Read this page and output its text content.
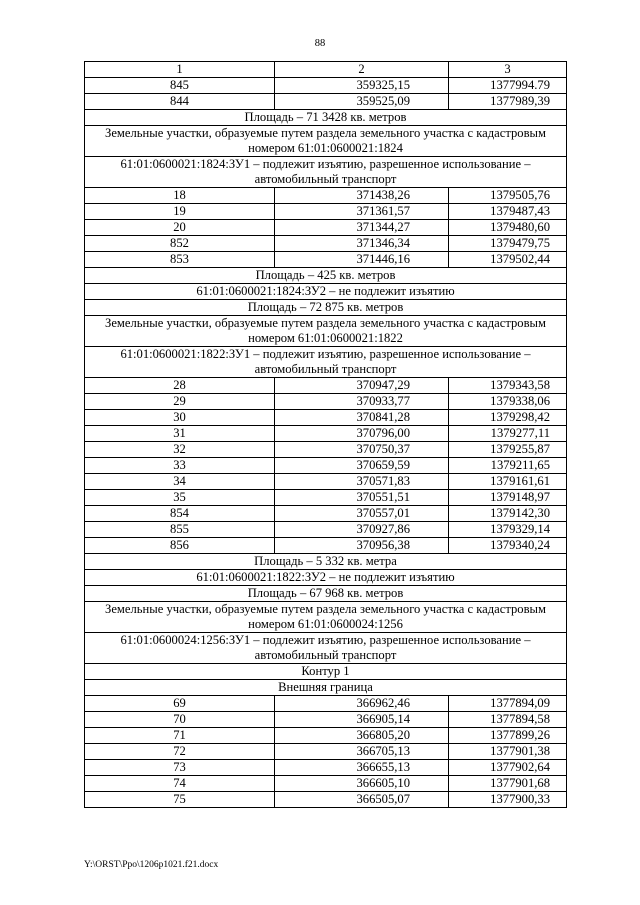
88
1	2	3
845	359325,15	1377994.79
844	359525,09	1377989,39
Площадь – 71 3428 кв. метров		
Земельные участки, образуемые путем раздела земельного участка с кадастровым номером 61:01:0600021:1824		
61:01:0600021:1824:ЗУ1 – подлежит изъятию, разрешенное использование – автомобильный транспорт		
18	371438,26	1379505,76
19	371361,57	1379487,43
20	371344,27	1379480,60
852	371346,34	1379479,75
853	371446,16	1379502,44
Площадь – 425 кв. метров		
61:01:0600021:1824:ЗУ2 – не подлежит изъятию		
Площадь – 72 875 кв. метров		
Земельные участки, образуемые путем раздела земельного участка с кадастровым номером 61:01:0600021:1822		
61:01:0600021:1822:ЗУ1 – подлежит изъятию, разрешенное использование – автомобильный транспорт		
28	370947,29	1379343,58
29	370933,77	1379338,06
30	370841,28	1379298,42
31	370796,00	1379277,11
32	370750,37	1379255,87
33	370659,59	1379211,65
34	370571,83	1379161,61
35	370551,51	1379148,97
854	370557,01	1379142,30
855	370927,86	1379329,14
856	370956,38	1379340,24
Площадь – 5 332 кв. метра		
61:01:0600021:1822:ЗУ2 – не подлежит изъятию		
Площадь – 67 968 кв. метров		
Земельные участки, образуемые путем раздела земельного участка с кадастровым номером 61:01:0600024:1256		
61:01:0600024:1256:ЗУ1 – подлежит изъятию, разрешенное использование – автомобильный транспорт		
Контур 1		
Внешняя граница		
69	366962,46	1377894,09
70	366905,14	1377894,58
71	366805,20	1377899,26
72	366705,13	1377901,38
73	366655,13	1377902,64
74	366605,10	1377901,68
75	366505,07	1377900,33
Y:\ORST\Ppo\1206p1021.f21.docx
